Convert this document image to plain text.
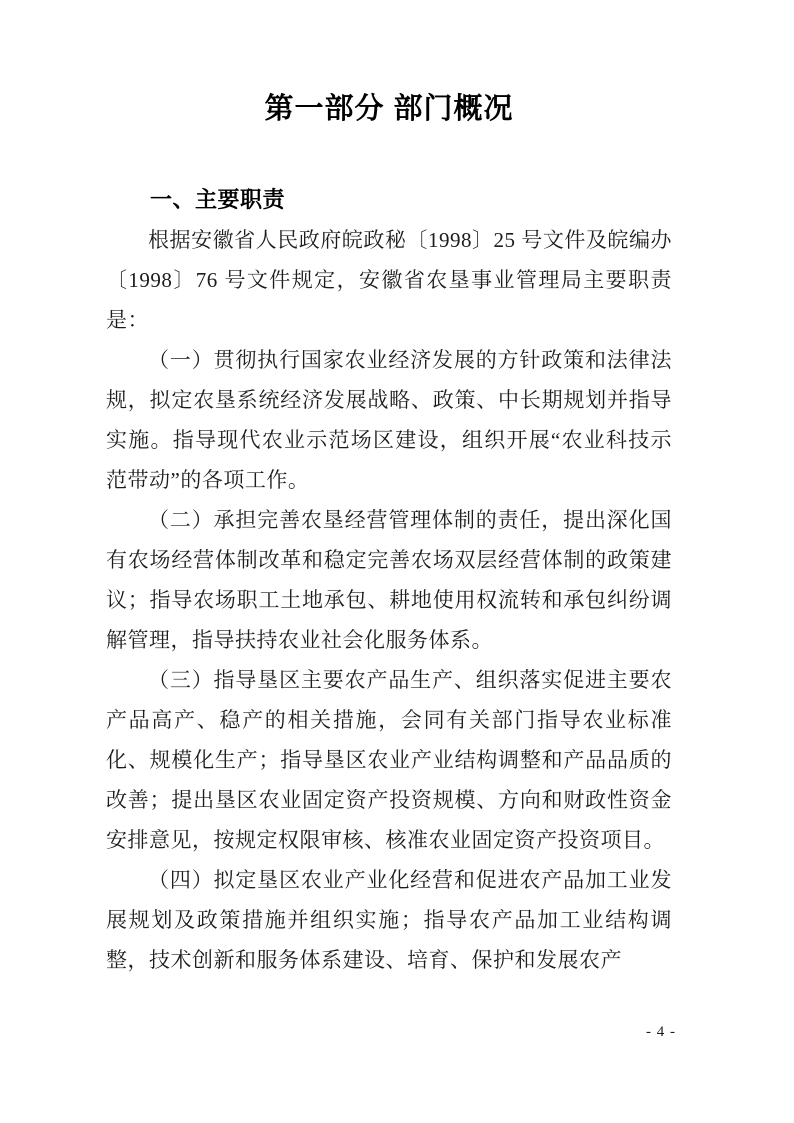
第一部分 部门概况
一、主要职责

根据安徽省人民政府皖政秘〔1998〕25 号文件及皖编办〔1998〕76 号文件规定，安徽省农垦事业管理局主要职责是：

（一）贯彻执行国家农业经济发展的方针政策和法律法规，拟定农垦系统经济发展战略、政策、中长期规划并指导实施。指导现代农业示范场区建设，组织开展“农业科技示范带动”的各项工作。

（二）承担完善农垦经营管理体制的责任，提出深化国有农场经营体制改革和稳定完善农场双层经营体制的政策建议；指导农场职工土地承包、耕地使用权流转和承包纠纷调解管理，指导扶持农业社会化服务体系。

（三）指导垦区主要农产品生产、组织落实促进主要农产品高产、稳产的相关措施，会同有关部门指导农业标准化、规模化生产；指导垦区农业产业结构调整和产品品质的改善；提出垦区农业固定资产投资规模、方向和财政性资金安排意见，按规定权限审核、核准农业固定资产投资项目。

（四）拟定垦区农业产业化经营和促进农产品加工业发展规划及政策措施并组织实施；指导农产品加工业结构调整，技术创新和服务体系建设、培育、保护和发展农产

- 4 -
